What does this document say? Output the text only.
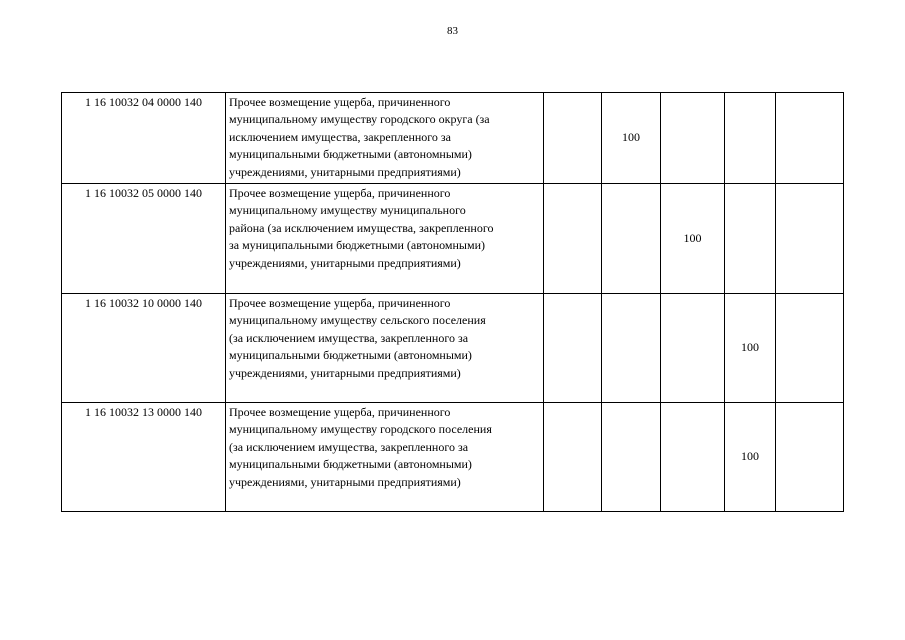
83
1 16 10032 04 0000 140	Прочее возмещение ущерба, причиненного
муниципальному имуществу городского округа (за
исключением имущества, закрепленного за
муниципальными бюджетными (автономными)
учреждениями, унитарными предприятиями)		100			
1 16 10032 05 0000 140	Прочее возмещение ущерба, причиненного
муниципальному имуществу муниципального
района (за исключением имущества, закрепленного
за муниципальными бюджетными (автономными)
учреждениями, унитарными предприятиями)			100		
1 16 10032 10 0000 140	Прочее возмещение ущерба, причиненного
муниципальному имуществу сельского поселения
(за исключением имущества, закрепленного за
муниципальными бюджетными (автономными)
учреждениями, унитарными предприятиями)				100	
1 16 10032 13 0000 140	Прочее возмещение ущерба, причиненного
муниципальному имуществу городского поселения
(за исключением имущества, закрепленного за
муниципальными бюджетными (автономными)
учреждениями, унитарными предприятиями)				100	
